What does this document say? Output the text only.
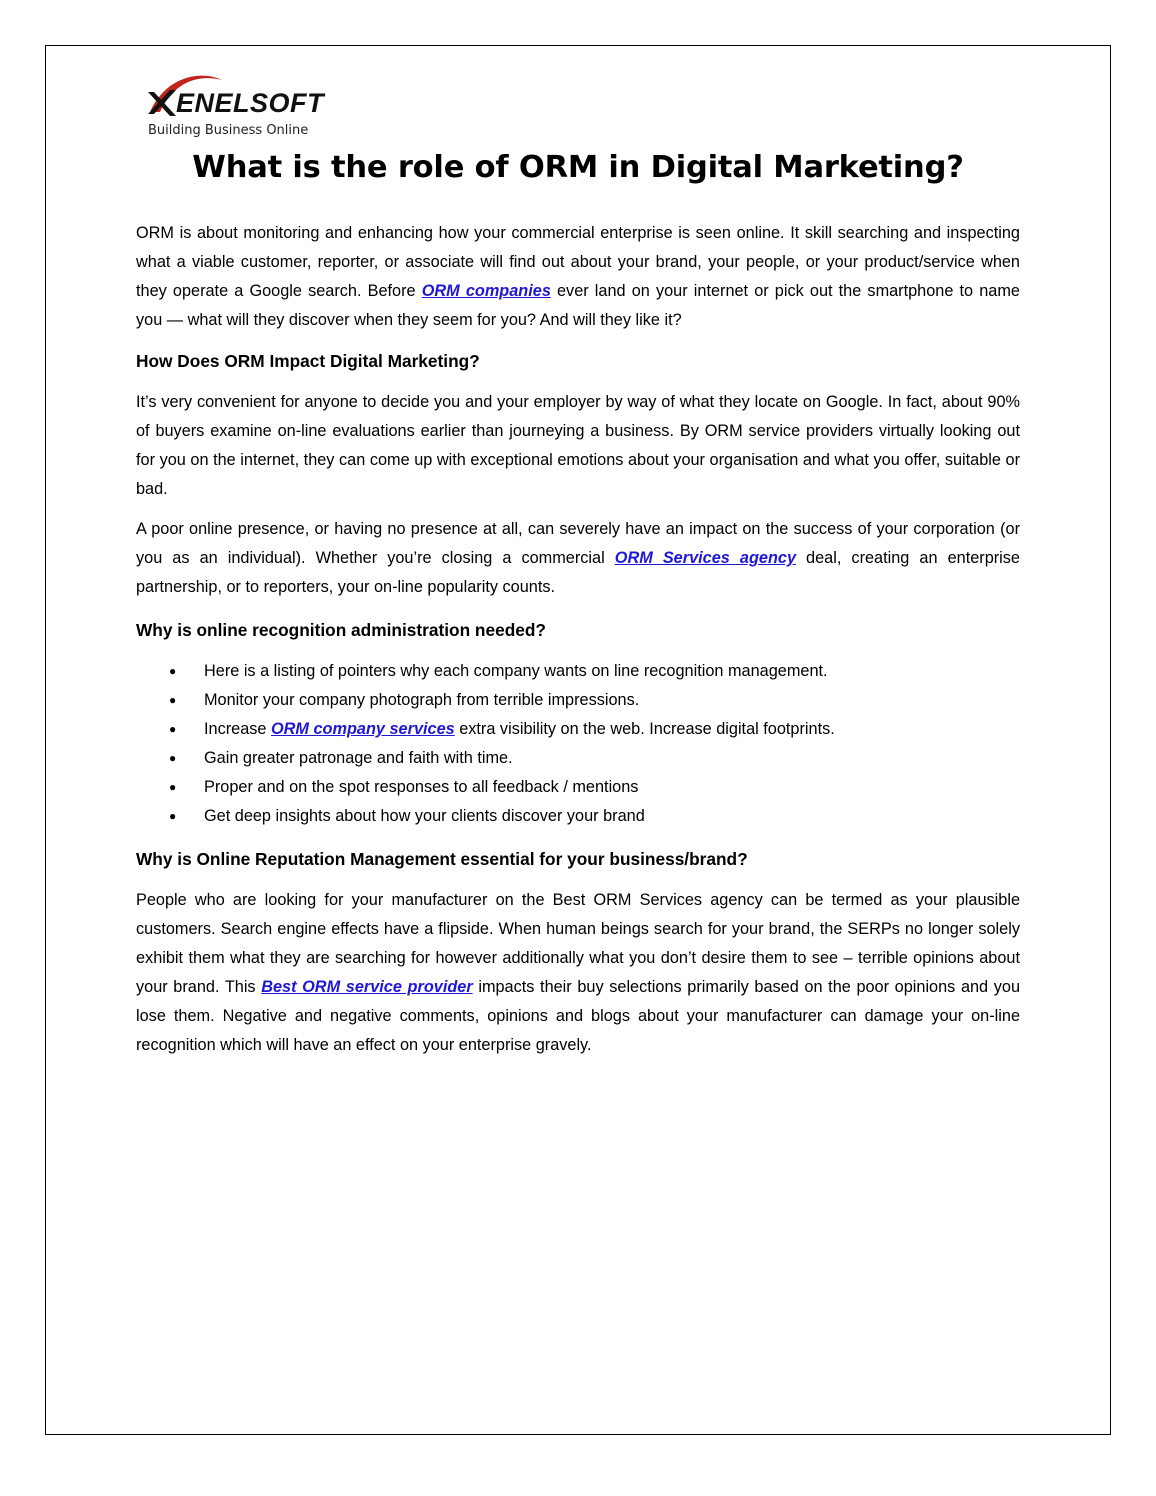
ENELSOFT
Building Business Online
What is the role of ORM in Digital Marketing?

ORM is about monitoring and enhancing how your commercial enterprise is seen online. It skill searching and inspecting what a viable customer, reporter, or associate will find out about your brand, your people, or your product/service when they operate a Google search. Before ORM companies ever land on your internet or pick out the smartphone to name you — what will they discover when they seem for you? And will they like it?

How Does ORM Impact Digital Marketing?

It’s very convenient for anyone to decide you and your employer by way of what they locate on Google. In fact, about 90% of buyers examine on-line evaluations earlier than journeying a business. By ORM service providers virtually looking out for you on the internet, they can come up with exceptional emotions about your organisation and what you offer, suitable or bad.

A poor online presence, or having no presence at all, can severely have an impact on the success of your corporation (or you as an individual). Whether you’re closing a commercial ORM Services agency deal, creating an enterprise partnership, or to reporters, your on-line popularity counts.

Why is online recognition administration needed?
● Here is a listing of pointers why each company wants on line recognition management.
● Monitor your company photograph from terrible impressions.
● Increase ORM company services extra visibility on the web. Increase digital footprints.
● Gain greater patronage and faith with time.
● Proper and on the spot responses to all feedback / mentions
● Get deep insights about how your clients discover your brand
Why is Online Reputation Management essential for your business/brand?

People who are looking for your manufacturer on the Best ORM Services agency can be termed as your plausible customers. Search engine effects have a flipside. When human beings search for your brand, the SERPs no longer solely exhibit them what they are searching for however additionally what you don’t desire them to see – terrible opinions about your brand. This Best ORM service provider impacts their buy selections primarily based on the poor opinions and you lose them. Negative and negative comments, opinions and blogs about your manufacturer can damage your on-line recognition which will have an effect on your enterprise gravely.
